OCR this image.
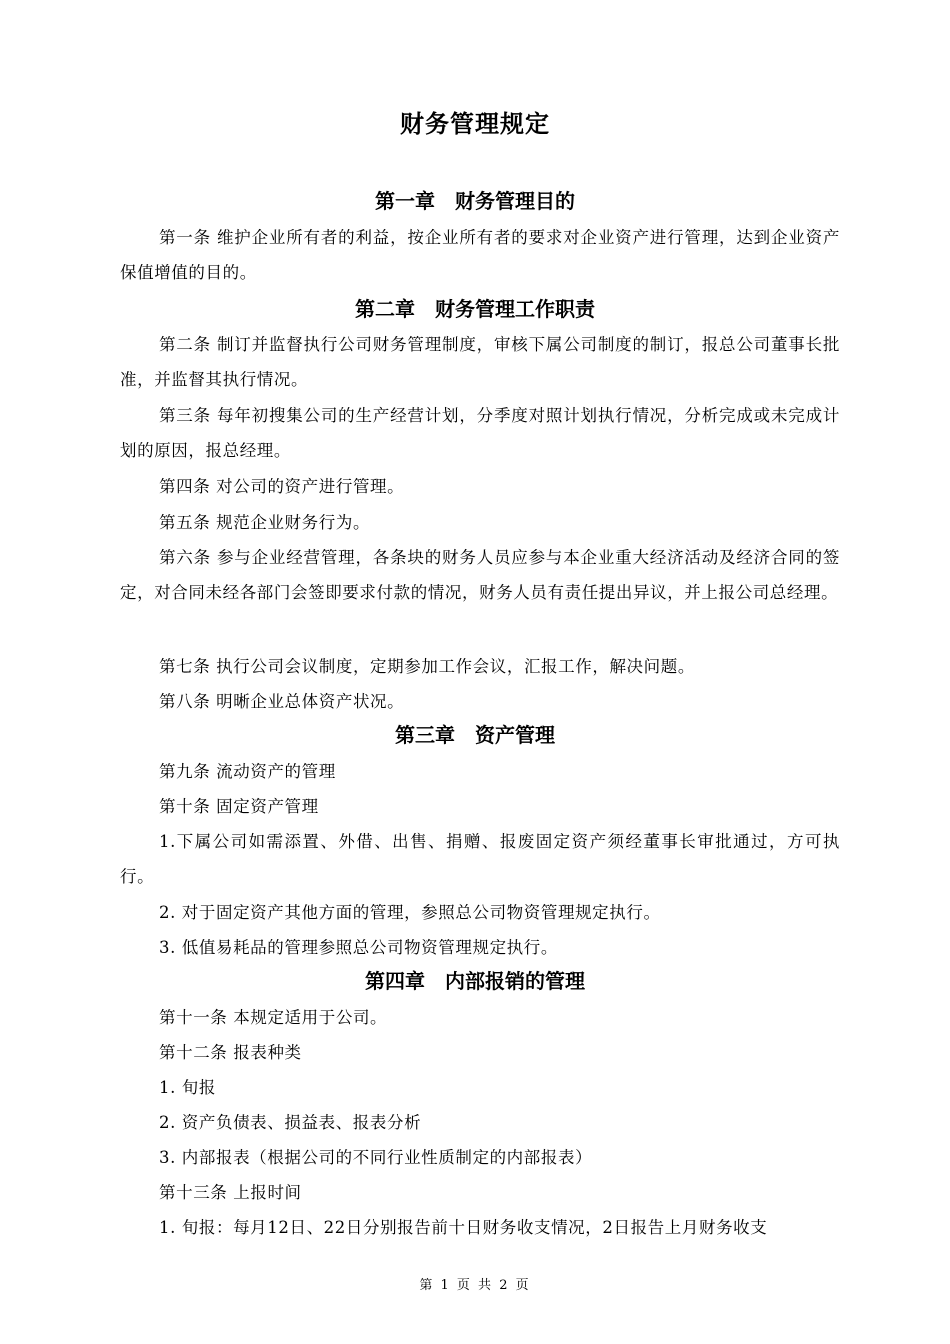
财务管理规定
第一章　财务管理目的
第一条 维护企业所有者的利益，按企业所有者的要求对企业资产进行管理，达到企业资产保值增值的目的。
第二章　财务管理工作职责
第二条 制订并监督执行公司财务管理制度，审核下属公司制度的制订，报总公司董事长批准，并监督其执行情况。
第三条 每年初搜集公司的生产经营计划，分季度对照计划执行情况，分析完成或未完成计划的原因，报总经理。
第四条 对公司的资产进行管理。
第五条 规范企业财务行为。
第六条 参与企业经营管理，各条块的财务人员应参与本企业重大经济活动及经济合同的签定，对合同未经各部门会签即要求付款的情况，财务人员有责任提出异议，并上报公司总经理。
第七条 执行公司会议制度，定期参加工作会议，汇报工作，解决问题。
第八条 明晰企业总体资产状况。
第三章　资产管理
第九条 流动资产的管理
第十条 固定资产管理
1.下属公司如需添置、外借、出售、捐赠、报废固定资产须经董事长审批通过，方可执行。
2. 对于固定资产其他方面的管理，参照总公司物资管理规定执行。
3. 低值易耗品的管理参照总公司物资管理规定执行。
第四章　内部报销的管理
第十一条 本规定适用于公司。
第十二条 报表种类
1. 旬报
2. 资产负债表、损益表、报表分析
3. 内部报表（根据公司的不同行业性质制定的内部报表）
第十三条 上报时间
1. 旬报：每月12日、22日分别报告前十日财务收支情况，2日报告上月财务收支
第 1 页 共 2 页
